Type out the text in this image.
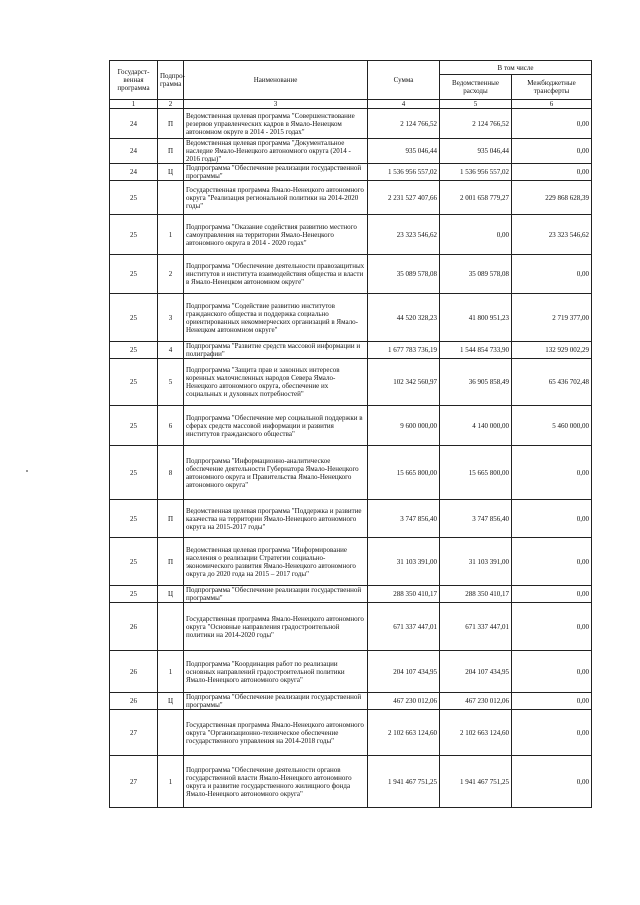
Государст-венная программа	Подпро-грамма	Наименование	Сумма	В том числе	
				Ведомственные расходы	Межбюджетные трансферты
1	2	3	4	5	6
24	П	Ведомственная целевая программа "Совершенствование резервов управленческих кадров в Ямало-Ненецком автономном округе в 2014 - 2015 годах"	2 124 766,52	2 124 766,52	0,00
24	П	Ведомственная целевая программа "Документальное наследие Ямало-Ненецкого автономного округа (2014 - 2016 годы)"	935 046,44	935 046,44	0,00
24	Ц	Подпрограмма "Обеспечение реализации государственной программы"	1 536 956 557,02	1 536 956 557,02	0,00
25		Государственная программа Ямало-Ненецкого автономного округа "Реализация региональной политики на 2014-2020 годы"	2 231 527 407,66	2 001 658 779,27	229 868 628,39
25	1	Подпрограмма "Оказание содействия развитию местного самоуправления на территории Ямало-Ненецкого автономного округа в 2014 - 2020 годах"	23 323 546,62	0,00	23 323 546,62
25	2	Подпрограмма "Обеспечение деятельности правозащитных институтов и института взаимодействия общества и власти в Ямало-Ненецком автономном округе"	35 089 578,08	35 089 578,08	0,00
25	3	Подпрограмма "Содействие развитию институтов гражданского общества и поддержка социально ориентированных некоммерческих организаций в Ямало-Ненецком автономном округе"	44 520 328,23	41 800 951,23	2 719 377,00
25	4	Подпрограмма "Развитие средств массовой информации и полиграфии"	1 677 783 736,19	1 544 854 733,90	132 929 002,29
25	5	Подпрограмма "Защита прав и законных интересов коренных малочисленных народов Севера Ямало-Ненецкого автономного округа, обеспечение их социальных и духовных потребностей"	102 342 560,97	36 905 858,49	65 436 702,48
25	6	Подпрограмма "Обеспечение мер социальной поддержки в сферах средств массовой информации и развития институтов гражданского общества"	9 600 000,00	4 140 000,00	5 460 000,00
25	8	Подпрограмма "Информационно-аналитическое обеспечение деятельности Губернатора Ямало-Ненецкого автономного округа и Правительства Ямало-Ненецкого автономного округа"	15 665 800,00	15 665 800,00	0,00
25	П	Ведомственная целевая программа "Поддержка и развитие казачества на территории Ямало-Ненецкого автономного округа на 2015-2017 годы"	3 747 856,40	3 747 856,40	0,00
25	П	Ведомственная целевая программа "Информирование населения о реализации Стратегии социально-экономического развития Ямало-Ненецкого автономного округа до 2020 года на 2015 – 2017 годы"	31 103 391,00	31 103 391,00	0,00
25	Ц	Подпрограмма "Обеспечение реализации государственной программы"	288 350 410,17	288 350 410,17	0,00
26		Государственная программа Ямало-Ненецкого автономного округа "Основные направления градостроительной политики на 2014-2020 годы"	671 337 447,01	671 337 447,01	0,00
26	1	Подпрограмма "Координация работ по реализации основных направлений градостроительной политики Ямало-Ненецкого автономного округа"	204 107 434,95	204 107 434,95	0,00
26	Ц	Подпрограмма "Обеспечение реализации государственной программы"	467 230 012,06	467 230 012,06	0,00
27		Государственная программа Ямало-Ненецкого автономного округа "Организационно-техническое обеспечение государственного управления на 2014-2018 годы"	2 102 663 124,60	2 102 663 124,60	0,00
27	1	Подпрограмма "Обеспечение деятельности органов государственной власти Ямало-Ненецкого автономного округа и развитие государственного жилищного фонда Ямало-Ненецкого автономного округа"	1 941 467 751,25	1 941 467 751,25	0,00
